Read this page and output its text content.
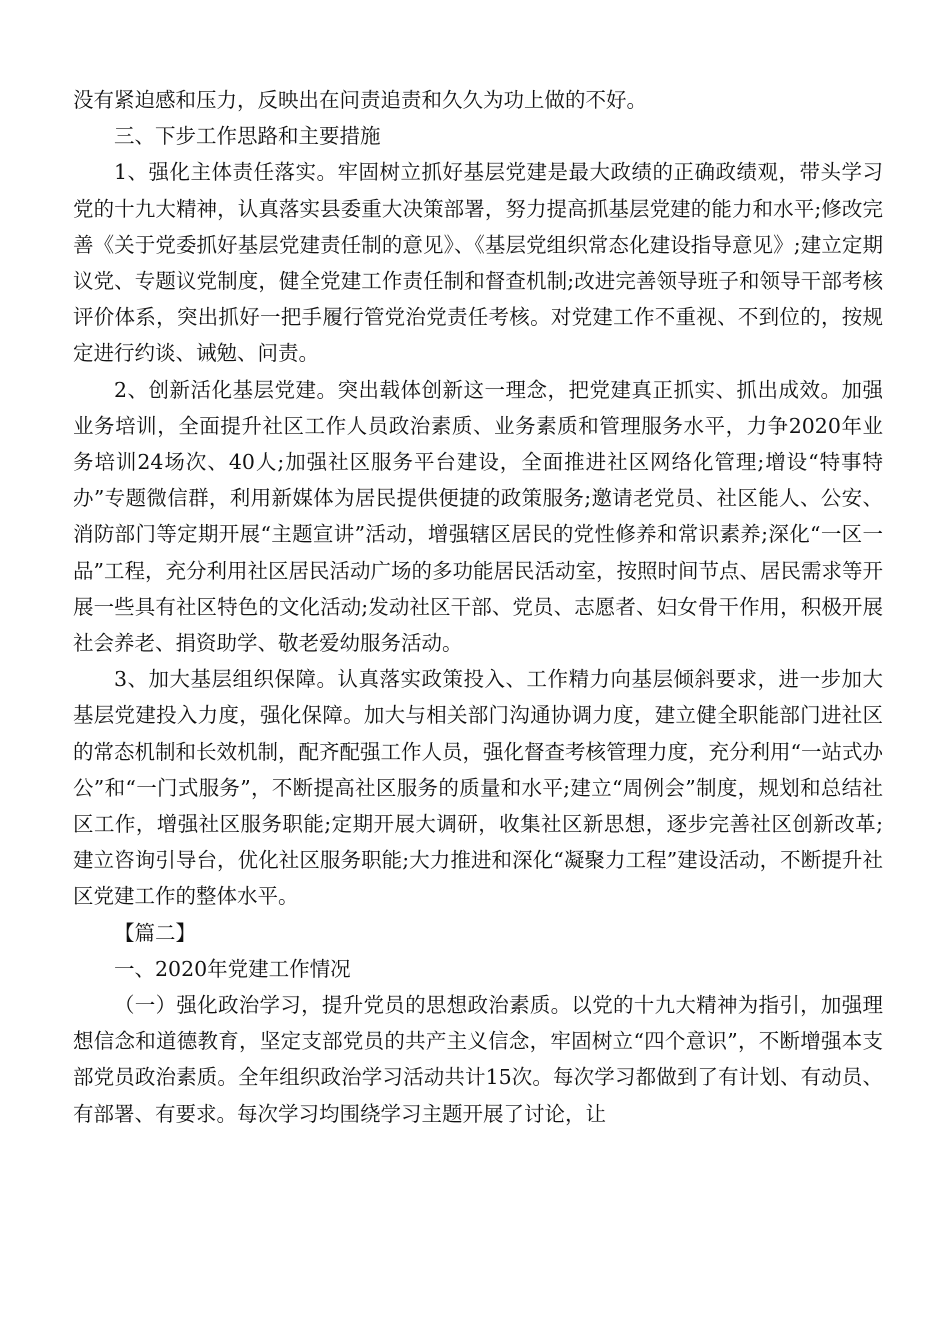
没有紧迫感和压力，反映出在问责追责和久久为功上做的不好。

三、下步工作思路和主要措施

1、强化主体责任落实。牢固树立抓好基层党建是最大政绩的正确政绩观，带头学习党的十九大精神，认真落实县委重大决策部署，努力提高抓基层党建的能力和水平;修改完善《关于党委抓好基层党建责任制的意见》、《基层党组织常态化建设指导意见》;建立定期议党、专题议党制度，健全党建工作责任制和督查机制;改进完善领导班子和领导干部考核评价体系，突出抓好一把手履行管党治党责任考核。对党建工作不重视、不到位的，按规定进行约谈、诫勉、问责。

2、创新活化基层党建。突出载体创新这一理念，把党建真正抓实、抓出成效。加强业务培训，全面提升社区工作人员政治素质、业务素质和管理服务水平，力争2020年业务培训24场次、40人;加强社区服务平台建设，全面推进社区网络化管理;增设“特事特办”专题微信群，利用新媒体为居民提供便捷的政策服务;邀请老党员、社区能人、公安、消防部门等定期开展“主题宣讲”活动，增强辖区居民的党性修养和常识素养;深化“一区一品”工程，充分利用社区居民活动广场的多功能居民活动室，按照时间节点、居民需求等开展一些具有社区特色的文化活动;发动社区干部、党员、志愿者、妇女骨干作用，积极开展社会养老、捐资助学、敬老爱幼服务活动。

3、加大基层组织保障。认真落实政策投入、工作精力向基层倾斜要求，进一步加大基层党建投入力度，强化保障。加大与相关部门沟通协调力度，建立健全职能部门进社区的常态机制和长效机制，配齐配强工作人员，强化督查考核管理力度，充分利用“一站式办公”和“一门式服务”，不断提高社区服务的质量和水平;建立“周例会”制度，规划和总结社区工作，增强社区服务职能;定期开展大调研，收集社区新思想，逐步完善社区创新改革;建立咨询引导台，优化社区服务职能;大力推进和深化“凝聚力工程”建设活动，不断提升社区党建工作的整体水平。

【篇二】

一、2020年党建工作情况

（一）强化政治学习，提升党员的思想政治素质。以党的十九大精神为指引，加强理想信念和道德教育，坚定支部党员的共产主义信念，牢固树立“四个意识”，不断增强本支部党员政治素质。全年组织政治学习活动共计15次。每次学习都做到了有计划、有动员、有部署、有要求。每次学习均围绕学习主题开展了讨论，让
